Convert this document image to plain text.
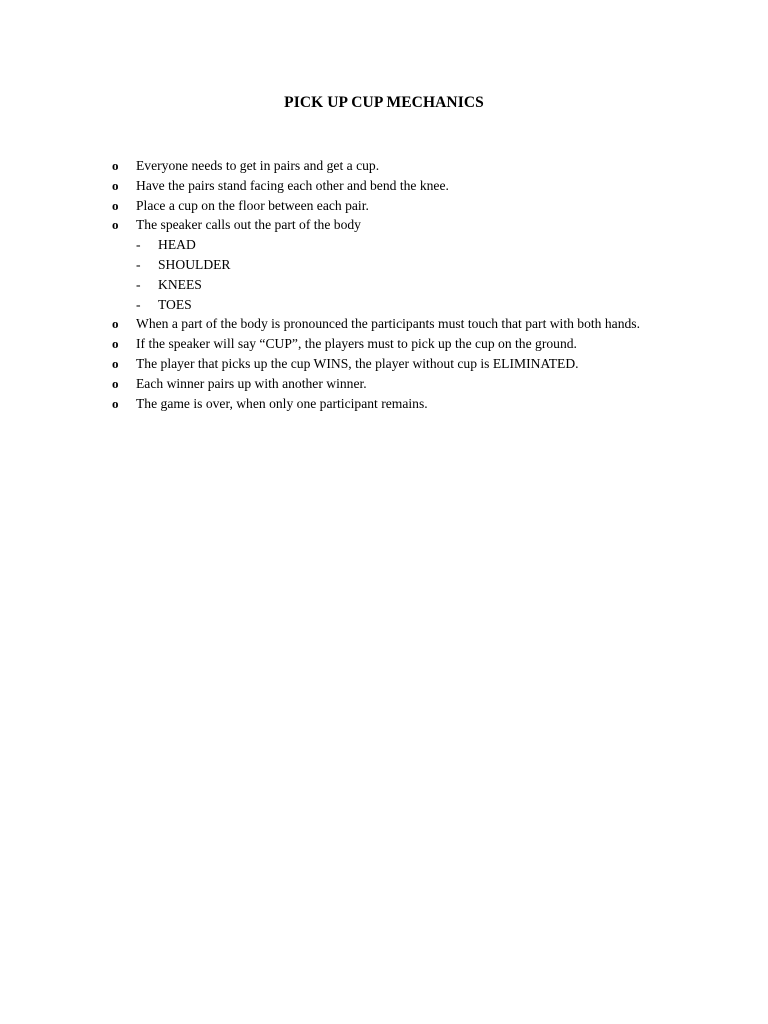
PICK UP CUP MECHANICS
o Everyone needs to get in pairs and get a cup.
o Have the pairs stand facing each other and bend the knee.
o Place a cup on the floor between each pair.
o The speaker calls out the part of the body
- HEAD
- SHOULDER
- KNEES
- TOES
o When a part of the body is pronounced the participants must touch that part with both hands.
o If the speaker will say “CUP”, the players must to pick up the cup on the ground.
o The player that picks up the cup WINS, the player without cup is ELIMINATED.
o Each winner pairs up with another winner.
o The game is over, when only one participant remains.
